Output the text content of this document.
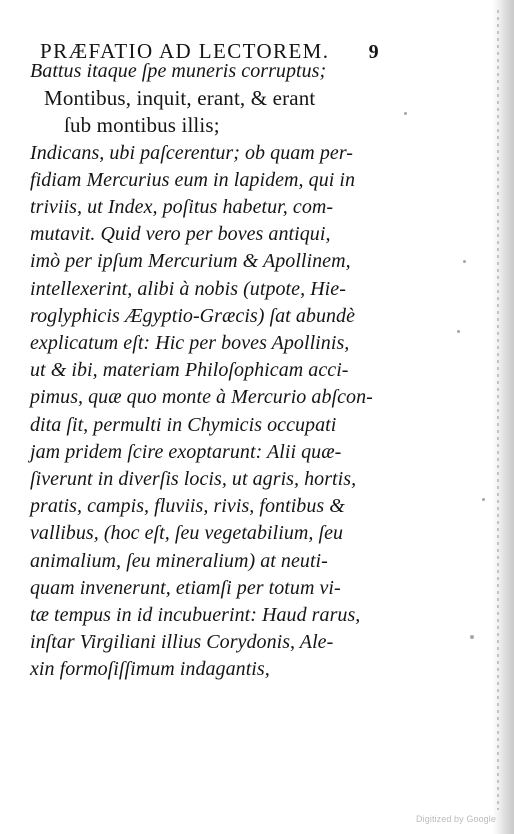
PRÆFATIO AD LECTOREM. 9
Battus itaque ſpe muneris corruptus;
Montibus, inquit, erant, & erant
ſub montibus illis;
Indicans, ubi paſcerentur; ob quam per-
fidiam Mercurius eum in lapidem, qui in
triviis, ut Index, poſitus habetur, com-
mutavit. Quid vero per boves antiqui,
imò per ipſum Mercurium & Apollinem,
intellexerint, alibi à nobis (utpote, Hie-
roglyphicis Ægyptio-Græcis) ſat abundè
explicatum eſt: Hic per boves Apollinis,
ut & ibi, materiam Philoſophicam acci-
pimus, quæ quo monte à Mercurio abſcon-
dita ſit, permulti in Chymicis occupati
jam pridem ſcire exoptarunt: Alii quæ-
ſiverunt in diverſis locis, ut agris, hortis,
pratis, campis, fluviis, rivis, fontibus &
vallibus, (hoc eſt, ſeu vegetabilium, ſeu
animalium, ſeu mineralium) at neuti-
quam invenerunt, etiamſi per totum vi-
tæ tempus in id incubuerint: Haud rarus,
inſtar Virgiliani illius Corydonis, Ale-
xin formoſiſſimum indagantis,
Digitized by Google
